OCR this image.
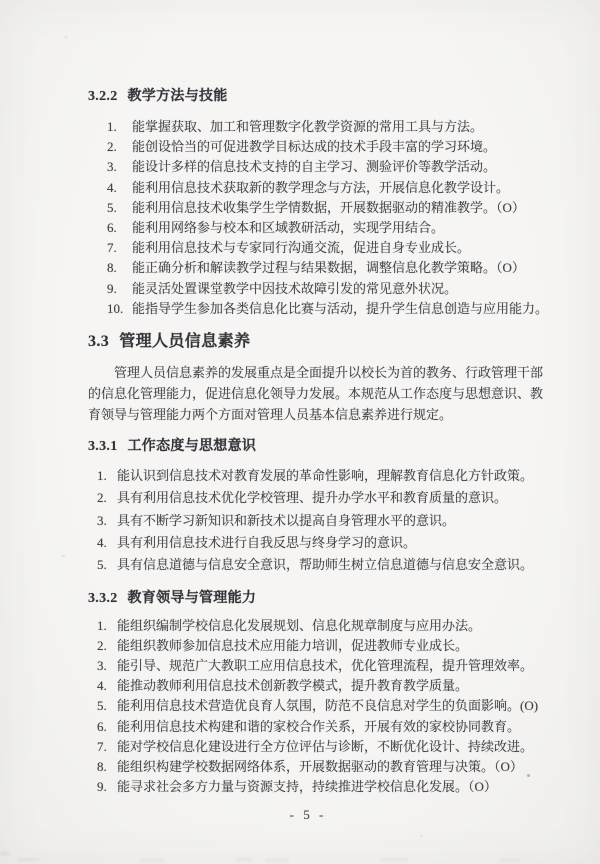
3.2.2 教学方法与技能
1.	能掌握获取、加工和管理数字化教学资源的常用工具与方法。
2.	能创设恰当的可促进教学目标达成的技术手段丰富的学习环境。
3.	能设计多样的信息技术支持的自主学习、测验评价等教学活动。
4.	能利用信息技术获取新的教学理念与方法，开展信息化教学设计。
5.	能利用信息技术收集学生学情数据，开展数据驱动的精准教学。（O）
6.	能利用网络参与校本和区域教研活动，实现学用结合。
7.	能利用信息技术与专家同行沟通交流，促进自身专业成长。
8.	能正确分析和解读教学过程与结果数据，调整信息化教学策略。（O）
9.	能灵活处置课堂教学中因技术故障引发的常见意外状况。
10. 能指导学生参加各类信息化比赛与活动，提升学生信息创造与应用能力。
3.3 管理人员信息素养
管理人员信息素养的发展重点是全面提升以校长为首的教务、行政管理干部的信息化管理能力，促进信息化领导力发展。本规范从工作态度与思想意识、教育领导与管理能力两个方面对管理人员基本信息素养进行规定。
3.3.1 工作态度与思想意识
1. 能认识到信息技术对教育发展的革命性影响，理解教育信息化方针政策。
2. 具有利用信息技术优化学校管理、提升办学水平和教育质量的意识。
3. 具有不断学习新知识和新技术以提高自身管理水平的意识。
4. 具有利用信息技术进行自我反思与终身学习的意识。
5. 具有信息道德与信息安全意识，帮助师生树立信息道德与信息安全意识。
3.3.2 教育领导与管理能力
1. 能组织编制学校信息化发展规划、信息化规章制度与应用办法。
2. 能组织教师参加信息技术应用能力培训，促进教师专业成长。
3. 能引导、规范广大教职工应用信息技术，优化管理流程，提升管理效率。
4. 能推动教师利用信息技术创新教学模式，提升教育教学质量。
5. 能利用信息技术营造优良育人氛围，防范不良信息对学生的负面影响。(O)
6. 能利用信息技术构建和谐的家校合作关系，开展有效的家校协同教育。
7. 能对学校信息化建设进行全方位评估与诊断，不断优化设计、持续改进。
8. 能组织构建学校数据网络体系，开展数据驱动的教育管理与决策。（O）
9. 能寻求社会多方力量与资源支持，持续推进学校信息化发展。（O）
- 5 -
